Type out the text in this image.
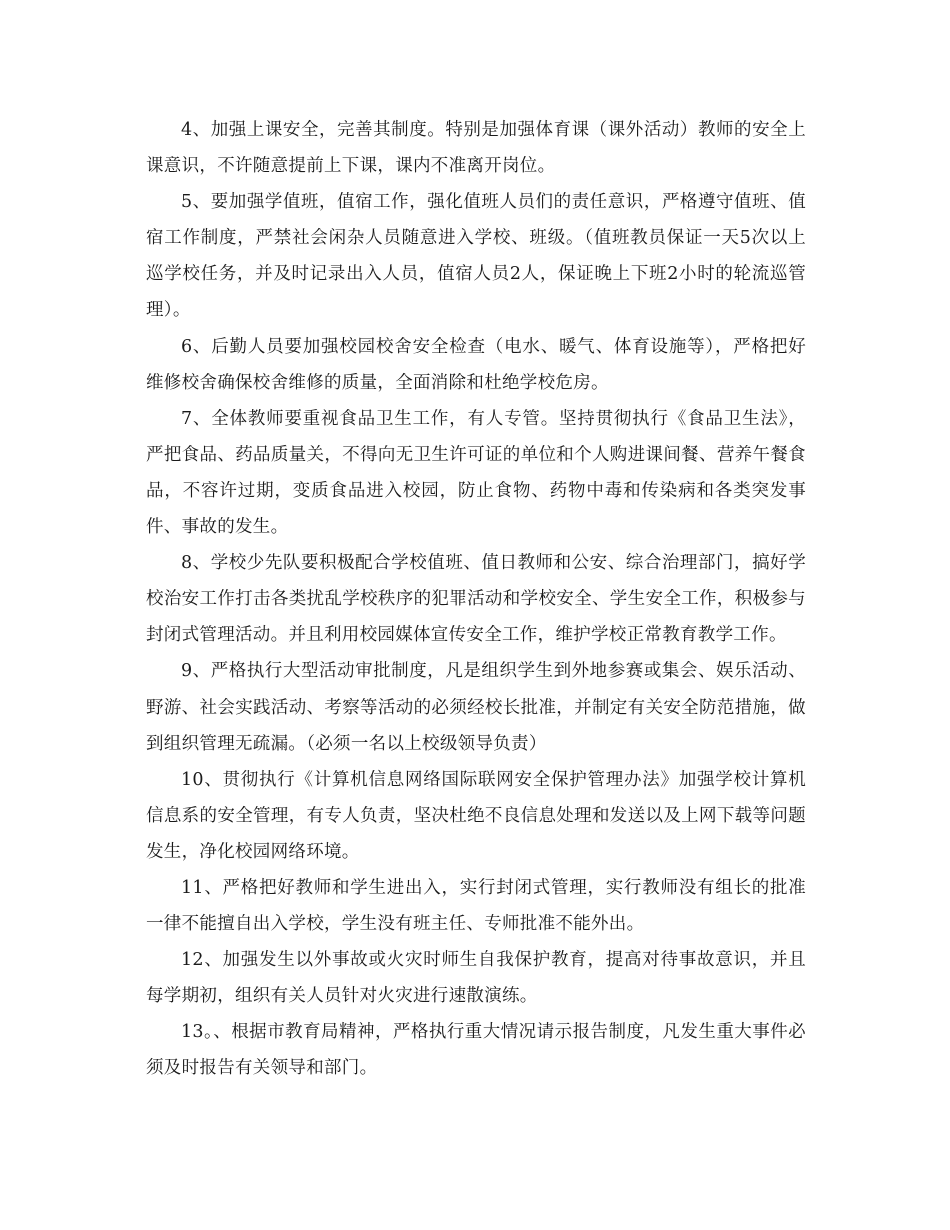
4、加强上课安全，完善其制度。特别是加强体育课（课外活动）教师的安全上课意识，不许随意提前上下课，课内不准离开岗位。

5、要加强学值班，值宿工作，强化值班人员们的责任意识，严格遵守值班、值宿工作制度，严禁社会闲杂人员随意进入学校、班级。（值班教员保证一天5次以上巡学校任务，并及时记录出入人员，值宿人员2人，保证晚上下班2小时的轮流巡管理）。

6、后勤人员要加强校园校舍安全检查（电水、暖气、体育设施等），严格把好维修校舍确保校舍维修的质量，全面消除和杜绝学校危房。

7、全体教师要重视食品卫生工作，有人专管。坚持贯彻执行《食品卫生法》，严把食品、药品质量关，不得向无卫生许可证的单位和个人购进课间餐、营养午餐食品，不容许过期，变质食品进入校园，防止食物、药物中毒和传染病和各类突发事件、事故的发生。

8、学校少先队要积极配合学校值班、值日教师和公安、综合治理部门，搞好学校治安工作打击各类扰乱学校秩序的犯罪活动和学校安全、学生安全工作，积极参与封闭式管理活动。并且利用校园媒体宣传安全工作，维护学校正常教育教学工作。

9、严格执行大型活动审批制度，凡是组织学生到外地参赛或集会、娱乐活动、野游、社会实践活动、考察等活动的必须经校长批准，并制定有关安全防范措施，做到组织管理无疏漏。（必须一名以上校级领导负责）

10、贯彻执行《计算机信息网络国际联网安全保护管理办法》加强学校计算机信息系的安全管理，有专人负责，坚决杜绝不良信息处理和发送以及上网下载等问题发生，净化校园网络环境。

11、严格把好教师和学生进出入，实行封闭式管理，实行教师没有组长的批准一律不能擅自出入学校，学生没有班主任、专师批准不能外出。

12、加强发生以外事故或火灾时师生自我保护教育，提高对待事故意识，并且每学期初，组织有关人员针对火灾进行速散演练。

13。、根据市教育局精神，严格执行重大情况请示报告制度，凡发生重大事件必须及时报告有关领导和部门。
